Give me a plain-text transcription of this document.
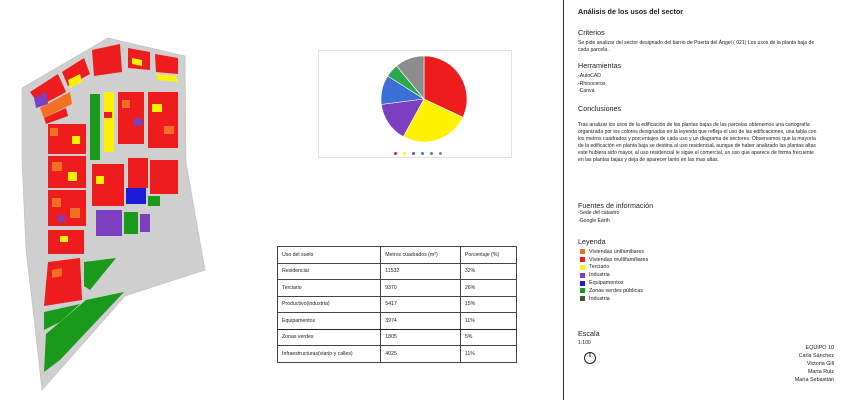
Uso del suelo	Metros cuadrados (m²)	Porcentaje (%)
Residencial	11532	32%
Terciario	9370	26%
Productivo(industria)	5417	15%
Equipamentos	3974	11%
Zonas verdes	1805	5%
Infraestructuras(viario y calles)	4025	11%
Análisis de los usos del sector
Criterios
Se pide analizar del sector designado del barrio de Puerta del Ángel ( 021) Los usos de la planta baja de cada parcela .
Herramientas
-AutoCAD
-Rhinoceros
-Canva
Conclusiones
Tras analizar los usos de la edificación de las plantas bajas de las parcelas obtenemos una cartografía organizada por los colores designados en la leyenda que refleja el uso de las edificaciones, una tabla con los metros cuadrados y porcentajes de cada uso y un diagrama de sectores. Observamos que la mayoría de la edificación en planta baja se destina al uso residenciaL aunque de haber analizado las plantas altas este hubiera sido mayor, al uso residencial le sigue el comercial, un uso que aparece de forma frecuente en las plantas bajas y deja de aparecer tanto en las mas altas.
Fuentes de información
-Sede del catastro
-Google Earth
Leyenda
Viviendas unifamiliares
Viviendas multifamiliares
Terciario
Industria
Equipamentos
Zonas verdes públicas
Industria
Escala
1:100
EQUIPO 10
Carla Sánchez
Victoria Gill
Marta Ruiz
María Sebastián
